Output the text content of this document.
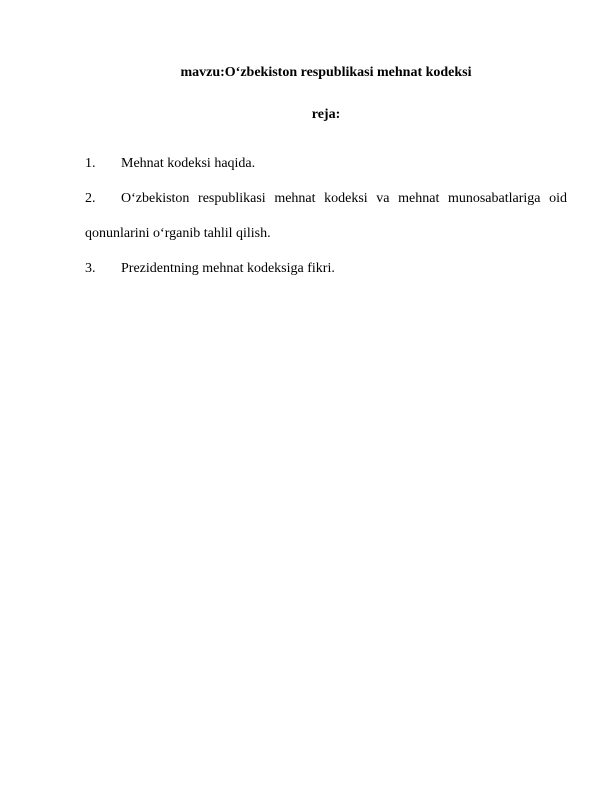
mavzu:O‘zbekiston respublikasi mehnat kodeksi
reja:
1. Mehnat kodeksi haqida.
2. O‘zbekiston respublikasi mehnat kodeksi va mehnat munosabatlariga oid qonunlarini o‘rganib tahlil qilish.
3. Prezidentning mehnat kodeksiga fikri.
